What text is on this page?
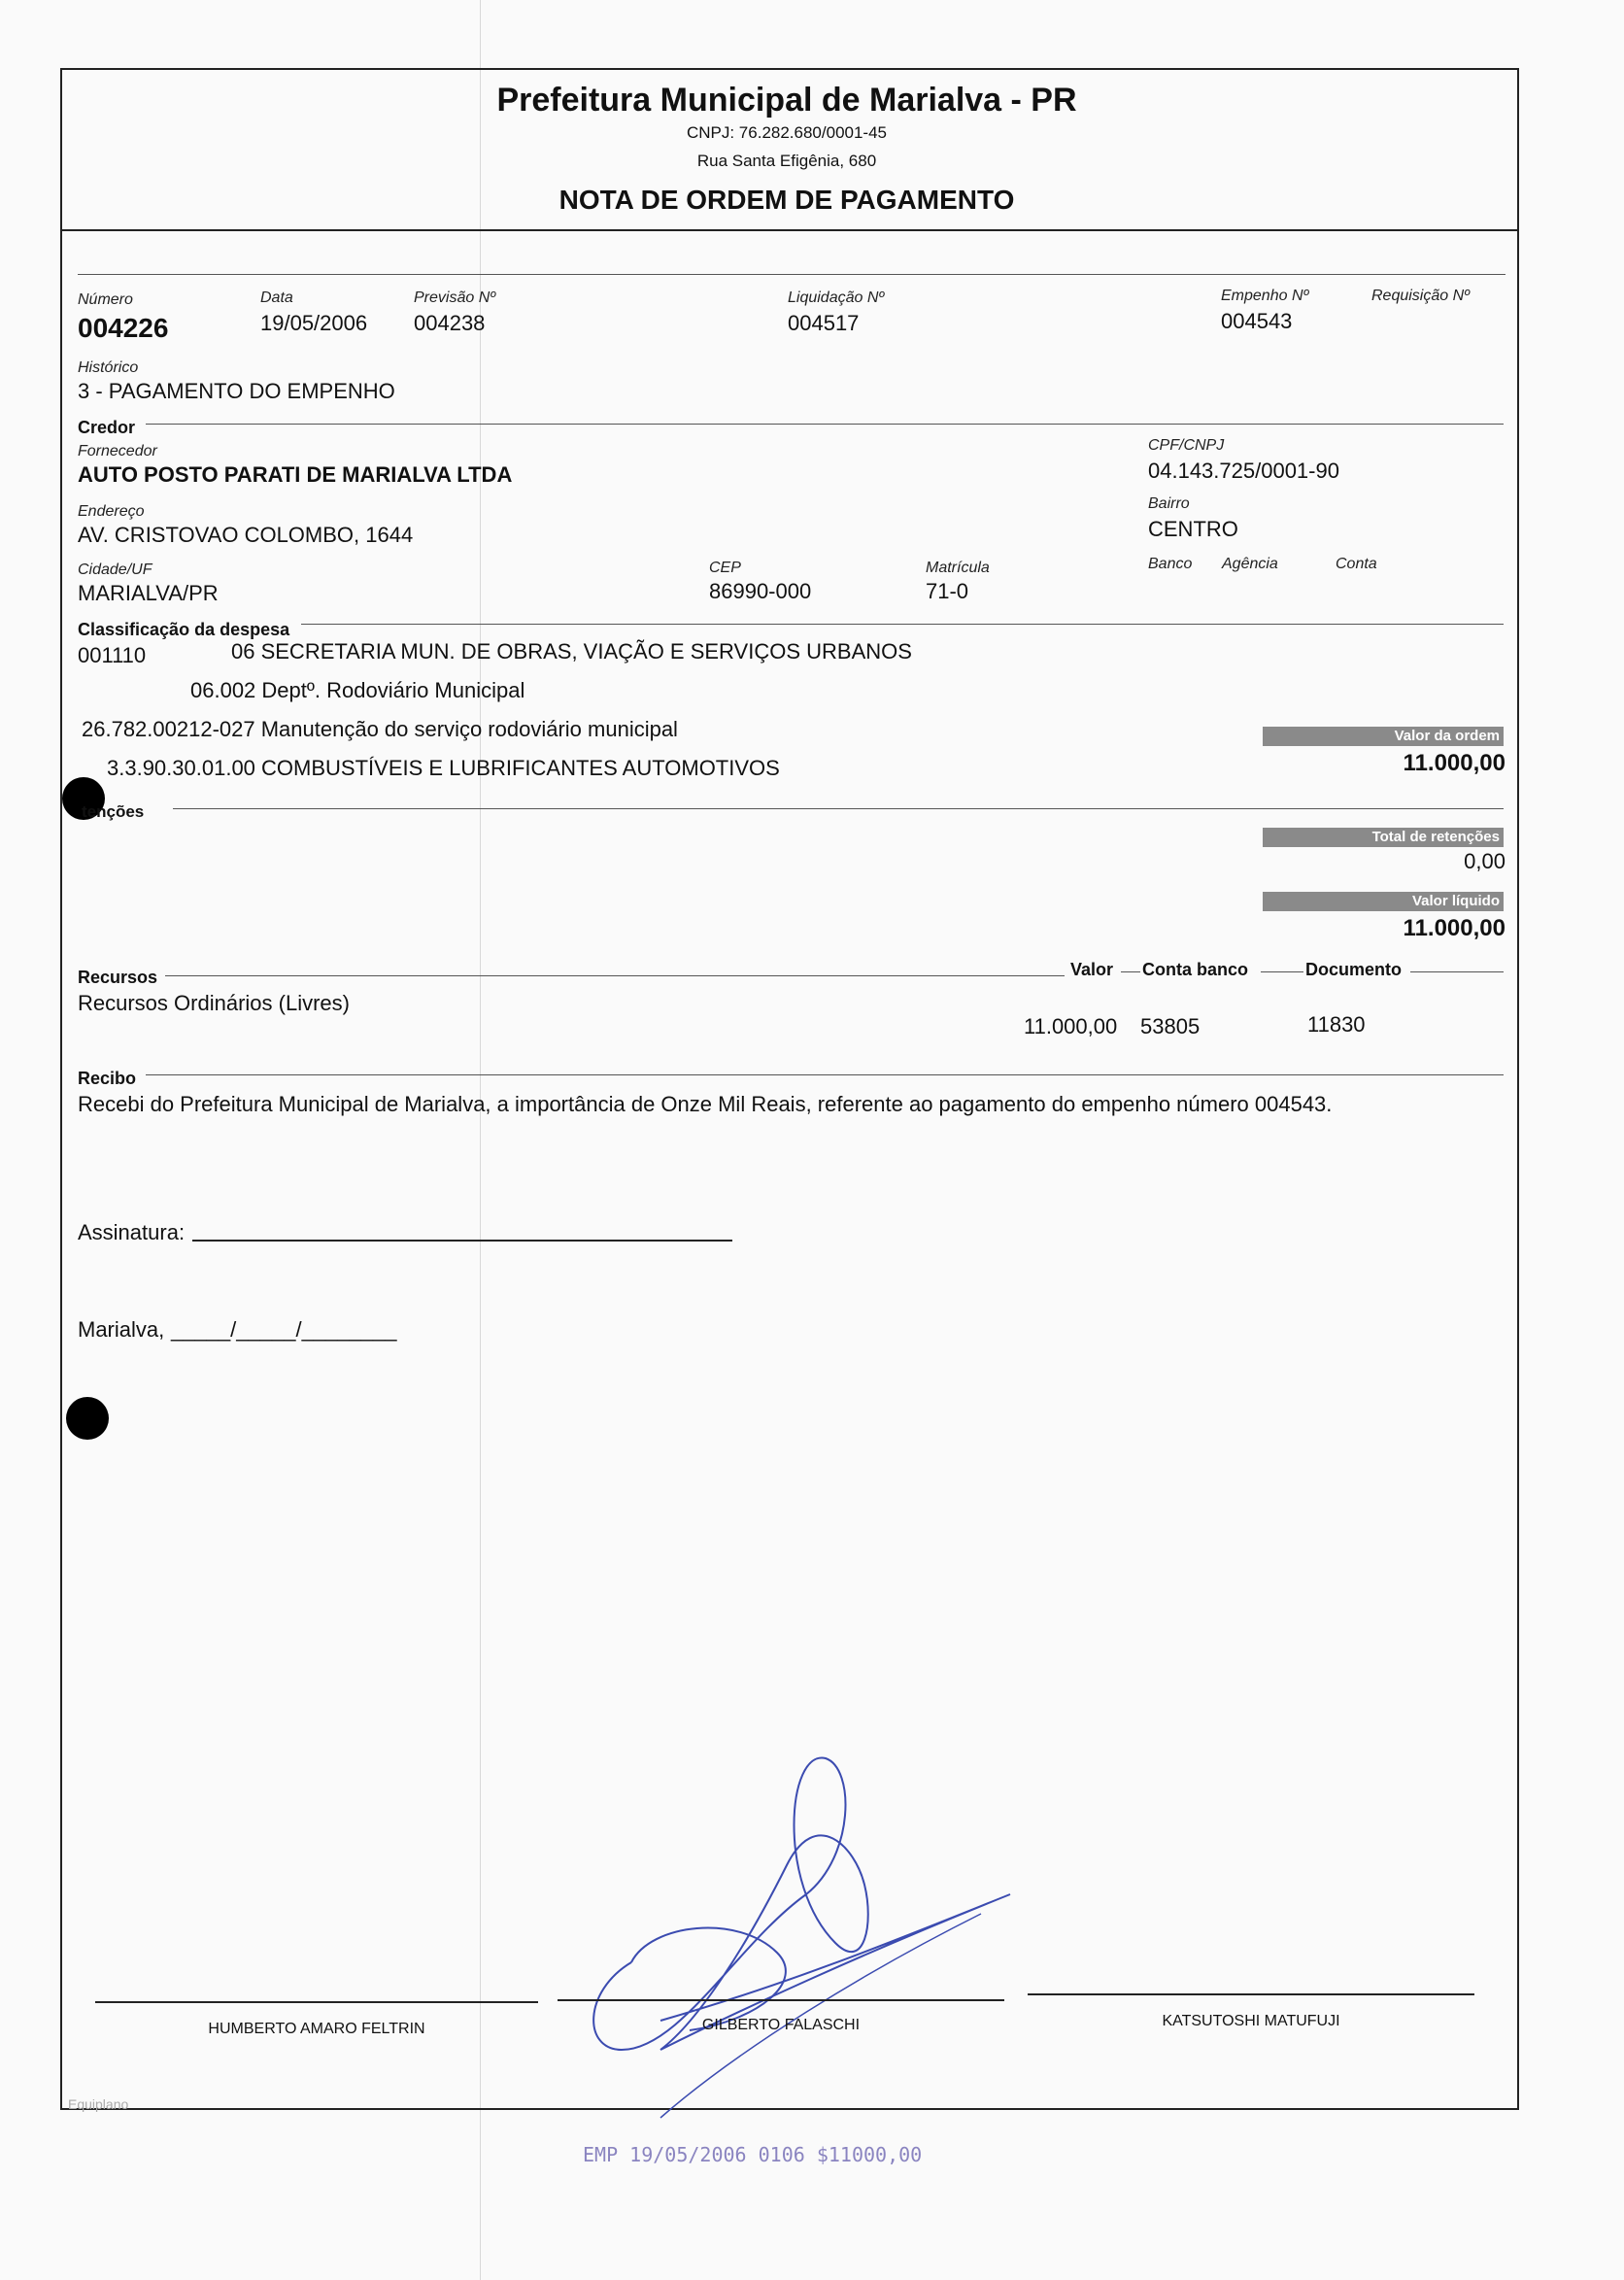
Prefeitura Municipal de Marialva - PR
CNPJ: 76.282.680/0001-45
Rua Santa Efigênia, 680
NOTA DE ORDEM DE PAGAMENTO
Número
004226
Data
19/05/2006
Previsão Nº
004238
Liquidação Nº
004517
Empenho Nº
004543
Requisição Nº
Histórico
3 - PAGAMENTO DO EMPENHO
Credor
Fornecedor
AUTO POSTO PARATI DE MARIALVA LTDA
CPF/CNPJ
04.143.725/0001-90
Endereço
AV. CRISTOVAO COLOMBO, 1644
Bairro
CENTRO
Cidade/UF
MARIALVA/PR
CEP
86990-000
Matrícula
71-0
Banco Agência	Conta
Classificação da despesa
001110	06 SECRETARIA MUN. DE OBRAS, VIAÇÃO E SERVIÇOS URBANOS
06.002 Deptº. Rodoviário Municipal
26.782.00212-027 Manutenção do serviço rodoviário municipal
3.3.90.30.01.00 COMBUSTÍVEIS E LUBRIFICANTES AUTOMOTIVOS
Valor da ordem
11.000,00
tenções
Total de retenções
0,00
Valor líquido
11.000,00
Recursos	Valor Conta banco	Documento
Recursos Ordinários (Livres)
11.000,00 53805	11830
Recibo
Recebi do Prefeitura Municipal de Marialva, a importância de Onze Mil Reais, referente ao pagamento do empenho número 004543.
Assinatura:
Marialva, _____/_____/________
HUMBERTO AMARO FELTRIN	GILBERTO FALASCHI	KATSUTOSHI MATUFUJI
Equiplano
EMP 19/05/2006 0106 $11000,00
